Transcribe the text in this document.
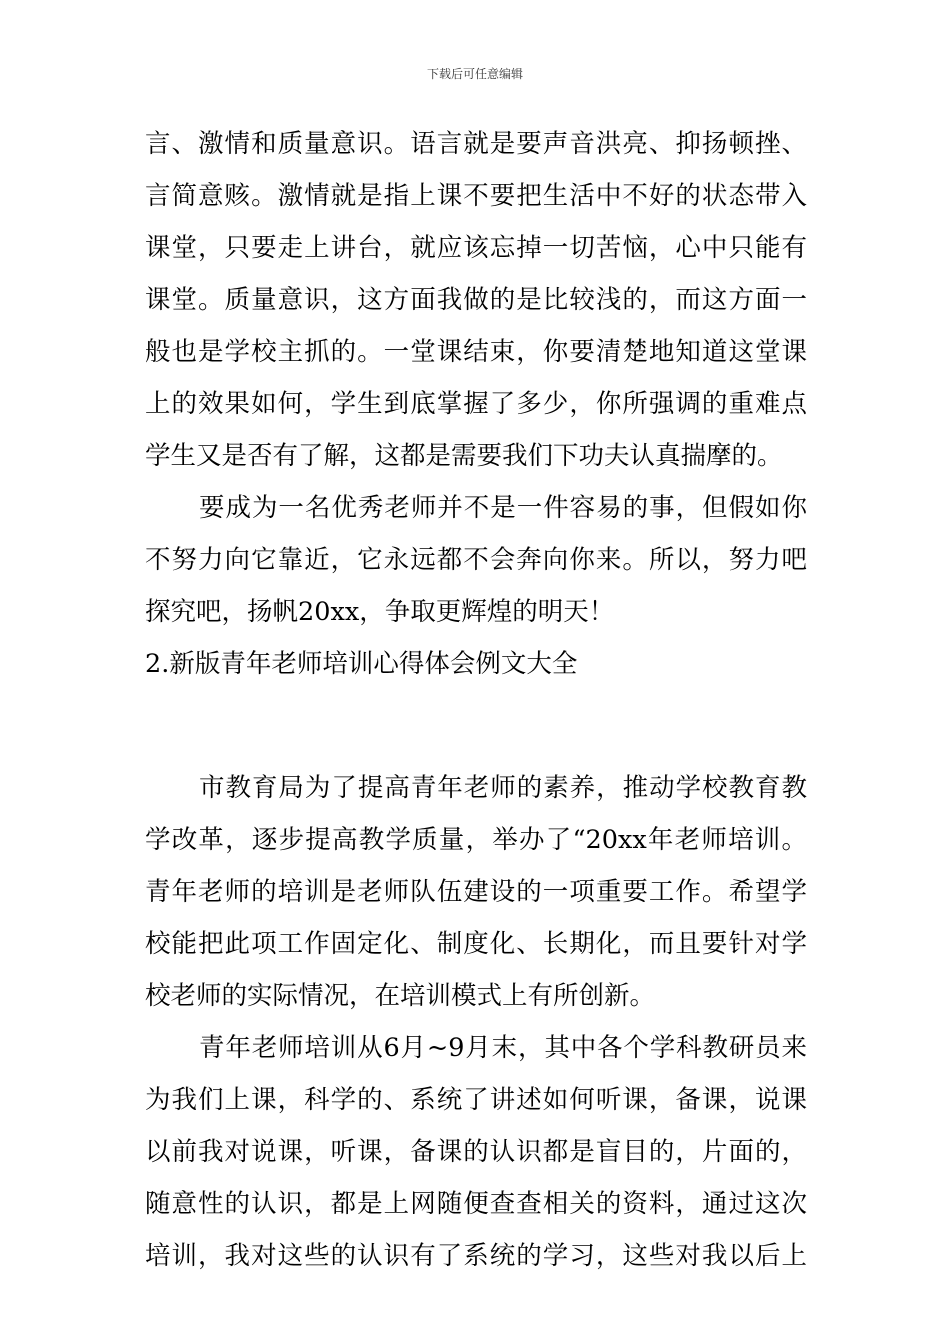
下载后可任意编辑
言、激情和质量意识。语言就是要声音洪亮、抑扬顿挫、
言简意赅。激情就是指上课不要把生活中不好的状态带入
课堂，只要走上讲台，就应该忘掉一切苦恼，心中只能有
课堂。质量意识，这方面我做的是比较浅的，而这方面一
般也是学校主抓的。一堂课结束，你要清楚地知道这堂课
上的效果如何，学生到底掌握了多少，你所强调的重难点
学生又是否有了解，这都是需要我们下功夫认真揣摩的。
要成为一名优秀老师并不是一件容易的事，但假如你
不努力向它靠近，它永远都不会奔向你来。所以，努力吧
探究吧，扬帆20xx，争取更辉煌的明天！
2.新版青年老师培训心得体会例文大全
市教育局为了提高青年老师的素养，推动学校教育教
学改革，逐步提高教学质量，举办了“20xx年老师培训。
青年老师的培训是老师队伍建设的一项重要工作。希望学
校能把此项工作固定化、制度化、长期化，而且要针对学
校老师的实际情况，在培训模式上有所创新。
青年老师培训从6月~9月末，其中各个学科教研员来
为我们上课，科学的、系统了讲述如何听课，备课，说课
以前我对说课，听课，备课的认识都是盲目的，片面的，
随意性的认识，都是上网随便查查相关的资料，通过这次
培训，我对这些的认识有了系统的学习，这些对我以后上
